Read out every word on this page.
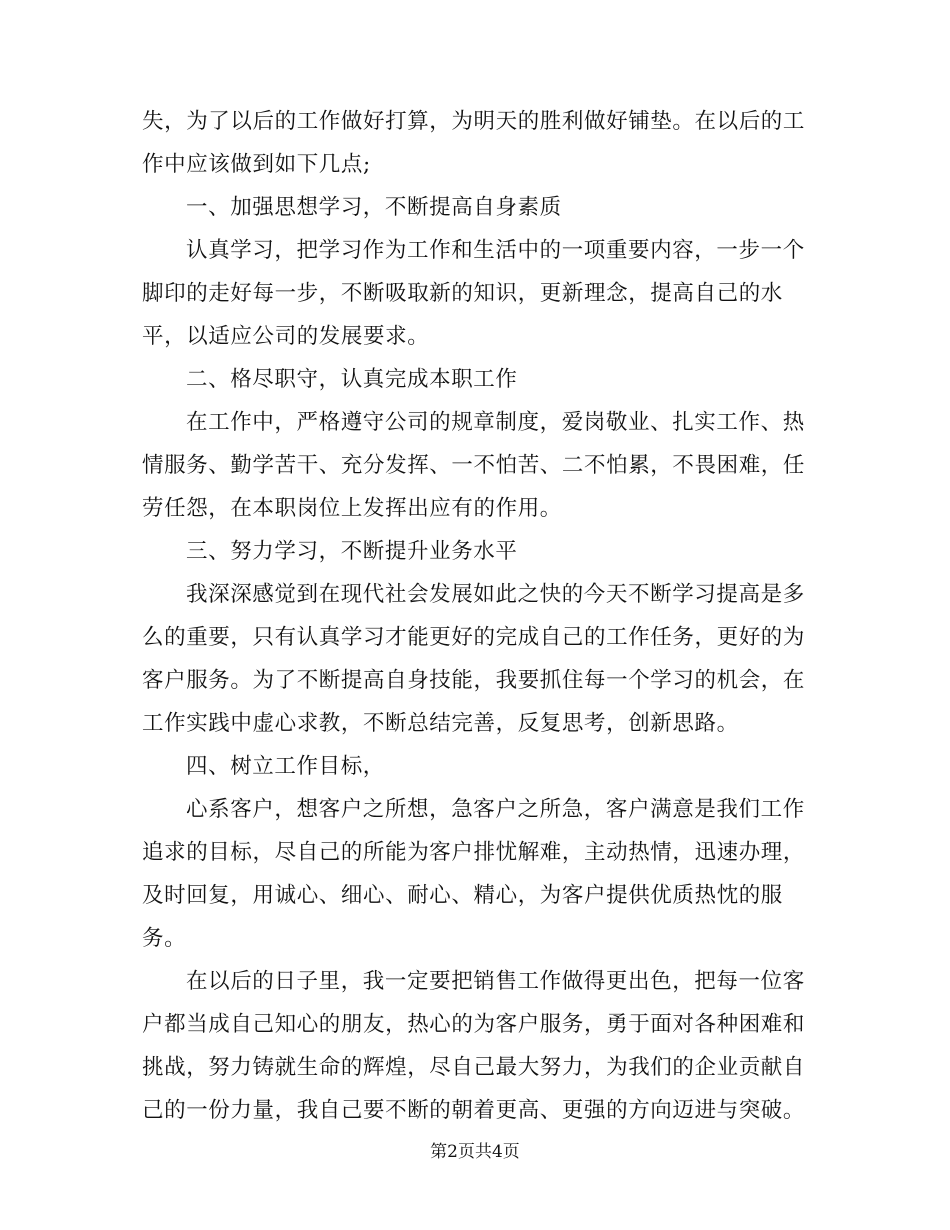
失，为了以后的工作做好打算，为明天的胜利做好铺垫。在以后的工
作中应该做到如下几点;
一、加强思想学习，不断提高自身素质
认真学习，把学习作为工作和生活中的一项重要内容，一步一个
脚印的走好每一步，不断吸取新的知识，更新理念，提高自己的水
平，以适应公司的发展要求。
二、格尽职守，认真完成本职工作
在工作中，严格遵守公司的规章制度，爱岗敬业、扎实工作、热
情服务、勤学苦干、充分发挥、一不怕苦、二不怕累，不畏困难，任
劳任怨，在本职岗位上发挥出应有的作用。
三、努力学习，不断提升业务水平
我深深感觉到在现代社会发展如此之快的今天不断学习提高是多
么的重要，只有认真学习才能更好的完成自己的工作任务，更好的为
客户服务。为了不断提高自身技能，我要抓住每一个学习的机会，在
工作实践中虚心求教，不断总结完善，反复思考，创新思路。
四、树立工作目标，
心系客户，想客户之所想，急客户之所急，客户满意是我们工作
追求的目标，尽自己的所能为客户排忧解难，主动热情，迅速办理，
及时回复，用诚心、细心、耐心、精心，为客户提供优质热忱的服
务。
在以后的日子里，我一定要把销售工作做得更出色，把每一位客
户都当成自己知心的朋友，热心的为客户服务，勇于面对各种困难和
挑战，努力铸就生命的辉煌，尽自己最大努力，为我们的企业贡献自
己的一份力量，我自己要不断的朝着更高、更强的方向迈进与突破。
第2页共4页
